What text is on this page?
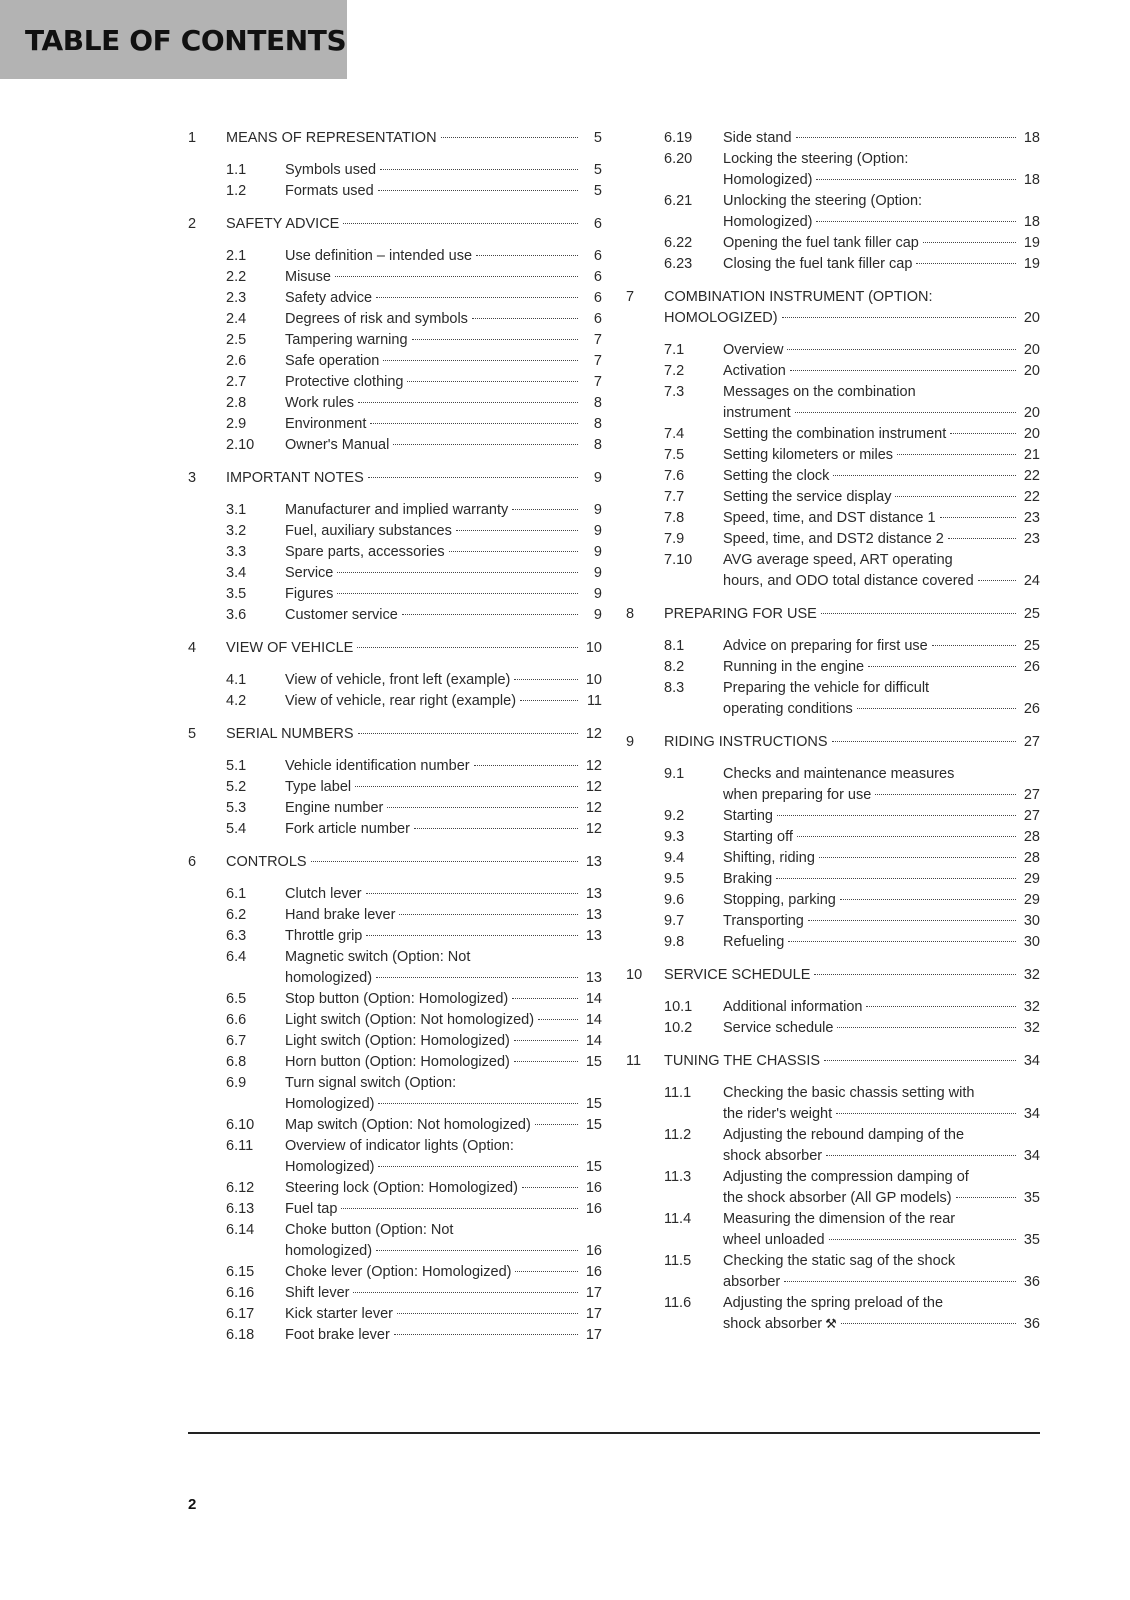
TABLE OF CONTENTS
1 MEANS OF REPRESENTATION	5
1.1	Symbols used	5
1.2	Formats used	5
2 SAFETY ADVICE	6
2.1	Use definition – intended use	6
2.2	Misuse	6
2.3	Safety advice	6
2.4	Degrees of risk and symbols	6
2.5	Tampering warning	7
2.6	Safe operation	7
2.7	Protective clothing	7
2.8	Work rules	8
2.9	Environment	8
2.10 Owner's Manual	8
3 IMPORTANT NOTES	9
3.1	Manufacturer and implied warranty	9
3.2	Fuel, auxiliary substances	9
3.3	Spare parts, accessories	9
3.4	Service	9
3.5	Figures	9
3.6	Customer service	9
4 VIEW OF VEHICLE	10
4.1	View of vehicle, front left (example)	10
4.2	View of vehicle, rear right (example)	11
5 SERIAL NUMBERS	12
5.1	Vehicle identification number	12
5.2	Type label	12
5.3	Engine number	12
5.4	Fork article number	12
6 CONTROLS	13
6.1	Clutch lever	13
6.2	Hand brake lever	13
6.3	Throttle grip	13
6.4	Magnetic switch (Option: Not
homologized)	13
6.5	Stop button (Option: Homologized)	14
6.6	Light switch (Option: Not homologized)	14
6.7	Light switch (Option: Homologized)	14
6.8	Horn button (Option: Homologized)	15
6.9	Turn signal switch (Option:
Homologized)	15
6.10 Map switch (Option: Not homologized)	15
6.11 Overview of indicator lights (Option:
Homologized)	15
6.12 Steering lock (Option: Homologized)	16
6.13 Fuel tap	16
6.14 Choke button (Option: Not
homologized)	16
6.15 Choke lever (Option: Homologized)	16
6.16 Shift lever	17
6.17 Kick starter lever	17
6.18 Foot brake lever	17
6.19 Side stand	18
6.20 Locking the steering (Option:
Homologized)	18
6.21 Unlocking the steering (Option:
Homologized)	18
6.22 Opening the fuel tank filler cap	19
6.23 Closing the fuel tank filler cap	19
7 COMBINATION INSTRUMENT (OPTION:
HOMOLOGIZED)	20
7.1	Overview	20
7.2	Activation	20
7.3	Messages on the combination
instrument	20
7.4	Setting the combination instrument	20
7.5	Setting kilometers or miles	21
7.6	Setting the clock	22
7.7	Setting the service display	22
7.8	Speed, time, and DST distance 1	23
7.9	Speed, time, and DST2 distance 2	23
7.10 AVG average speed, ART operating
hours, and ODO total distance covered	24
8 PREPARING FOR USE	25
8.1	Advice on preparing for first use	25
8.2	Running in the engine	26
8.3	Preparing the vehicle for difficult
operating conditions	26
9 RIDING INSTRUCTIONS	27
9.1	Checks and maintenance measures
when preparing for use	27
9.2	Starting	27
9.3	Starting off	28
9.4	Shifting, riding	28
9.5	Braking	29
9.6	Stopping, parking	29
9.7	Transporting	30
9.8	Refueling	30
10 SERVICE SCHEDULE	32
10.1 Additional information	32
10.2 Service schedule	32
11 TUNING THE CHASSIS	34
11.1 Checking the basic chassis setting with
the rider's weight	34
11.2 Adjusting the rebound damping of the
shock absorber	34
11.3 Adjusting the compression damping of
the shock absorber (All GP models)	35
11.4 Measuring the dimension of the rear
wheel unloaded	35
11.5 Checking the static sag of the shock
absorber	36
11.6 Adjusting the spring preload of the
shock absorber ⚒	36
2
